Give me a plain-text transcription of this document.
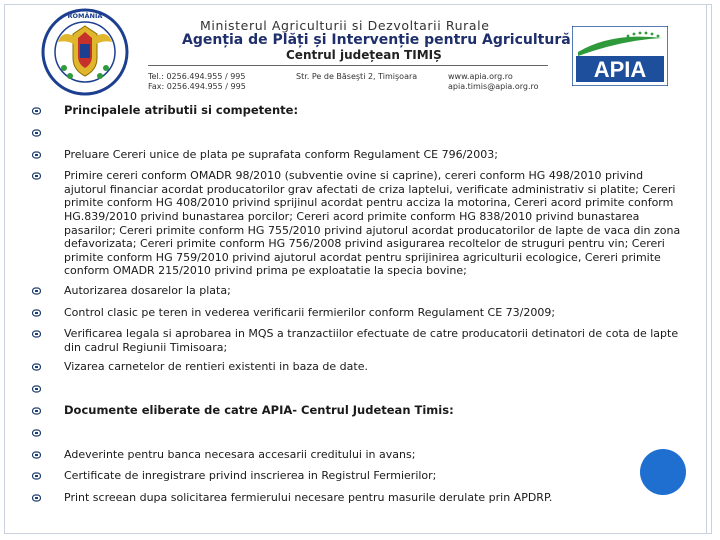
ROMÂNIA
Ministerul Agriculturii si Dezvoltarii Rurale
Agenția de Plăți și Intervenție pentru Agricultură
Centrul județean TIMIȘ
Tel.: 0256.494.955 / 995
Fax: 0256.494.955 / 995
Str. Pe de Băseşti 2, Timişoara	www.apia.org.ro
apia.timis@apia.org.ro
APIA
Principalele atributii si competente:
Preluare Cereri unice de plata pe suprafata conform Regulament CE 796/2003;
Primire cereri conform OMADR 98/2010 (subventie ovine si caprine), cereri conform HG 498/2010 privind ajutorul financiar acordat producatorilor grav afectati de criza laptelui, verificate administrativ si platite; Cereri primite conform HG 408/2010 privind sprijinul acordat pentru acciza la motorina, Cereri acord primite conform HG.839/2010 privind bunastarea porcilor; Cereri acord primite conform HG 838/2010 privind bunastarea pasarilor; Cereri primite conform HG 755/2010 privind ajutorul acordat producatorilor de lapte de vaca din zona defavorizata; Cereri primite conform HG 756/2008 privind asigurarea recoltelor de struguri pentru vin; Cereri primite conform HG 759/2010 privind ajutorul acordat pentru sprijinirea agriculturii ecologice, Cereri primite conform OMADR 215/2010 privind prima pe exploatatie la specia bovine;
Autorizarea dosarelor la plata;
Control clasic pe teren in vederea verificarii fermierilor conform Regulament CE 73/2009;
Verificarea legala si aprobarea in MQS a tranzactiilor efectuate de catre producatorii detinatori de cota de lapte din cadrul Regiunii Timisoara;
Vizarea carnetelor de rentieri existenti in baza de date.
Documente eliberate de catre APIA- Centrul Judetean Timis:
Adeverinte pentru banca necesara accesarii creditului in avans;
Certificate de inregistrare privind inscrierea in Registrul Fermierilor;
Print screean dupa solicitarea fermierului necesare pentru masurile derulate prin APDRP.
